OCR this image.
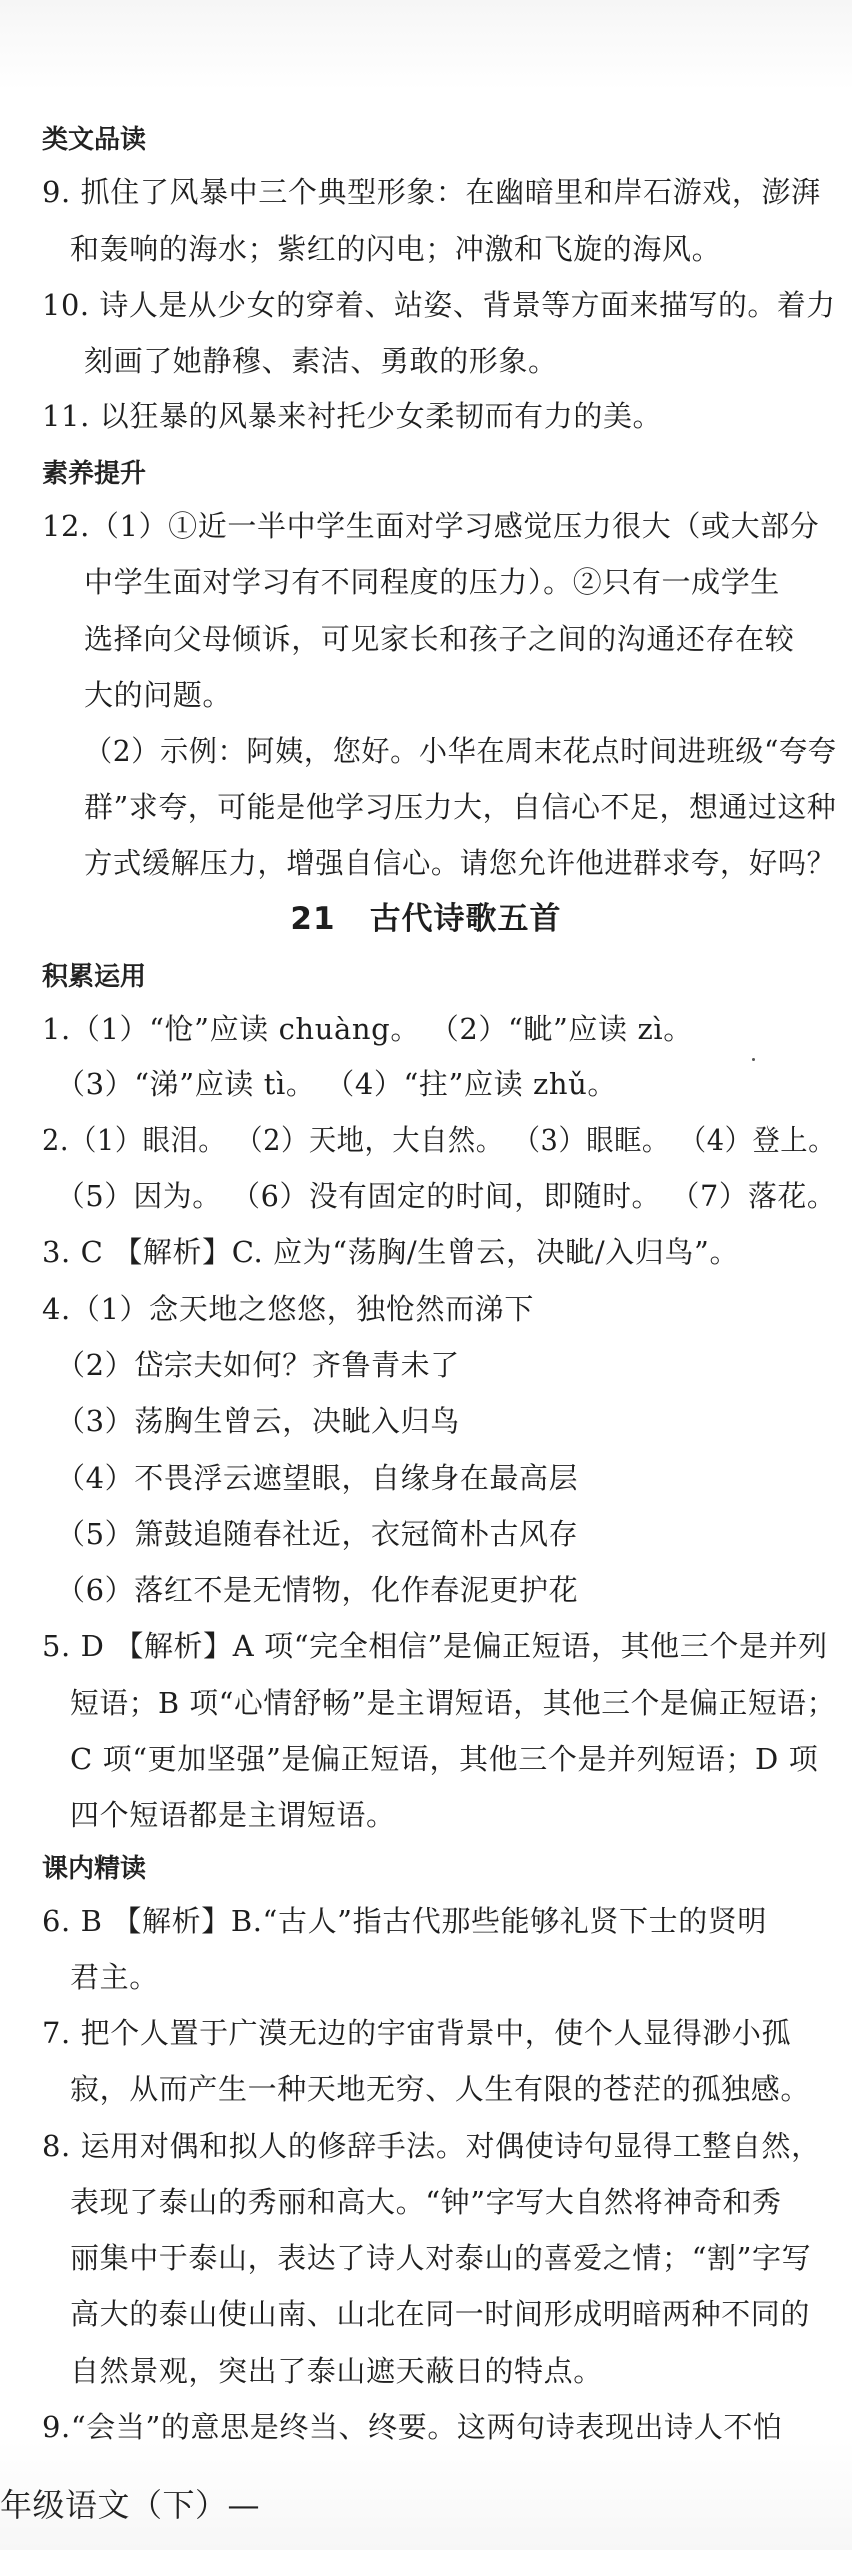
类文品读
9. 抓住了风暴中三个典型形象：在幽暗里和岸石游戏，澎湃
和轰响的海水；紫红的闪电；冲激和飞旋的海风。
10. 诗人是从少女的穿着、站姿、背景等方面来描写的。着力
刻画了她静穆、素洁、勇敢的形象。
11. 以狂暴的风暴来衬托少女柔韧而有力的美。
素养提升
12.（1）①近一半中学生面对学习感觉压力很大（或大部分
中学生面对学习有不同程度的压力）。②只有一成学生
选择向父母倾诉，可见家长和孩子之间的沟通还存在较
大的问题。
（2）示例：阿姨，您好。小华在周末花点时间进班级“夸夸
群”求夸，可能是他学习压力大，自信心不足，想通过这种
方式缓解压力，增强自信心。请您允许他进群求夸，好吗？
21 古代诗歌五首
积累运用
1.（1）“怆”应读 chuàng。 （2）“眦”应读 zì。
（3）“涕”应读 tì。 （4）“拄”应读 zhǔ。
2.（1）眼泪。 （2）天地，大自然。 （3）眼眶。 （4）登上。
（5）因为。 （6）没有固定的时间，即随时。 （7）落花。
3. C 【解析】C. 应为“荡胸/生曾云，决眦/入归鸟”。
4.（1）念天地之悠悠，独怆然而涕下
（2）岱宗夫如何？齐鲁青未了
（3）荡胸生曾云，决眦入归鸟
（4）不畏浮云遮望眼，自缘身在最高层
（5）箫鼓追随春社近，衣冠简朴古风存
（6）落红不是无情物，化作春泥更护花
5. D 【解析】A 项“完全相信”是偏正短语，其他三个是并列
短语；B 项“心情舒畅”是主谓短语，其他三个是偏正短语；
C 项“更加坚强”是偏正短语，其他三个是并列短语；D 项
四个短语都是主谓短语。
课内精读
6. B 【解析】B.“古人”指古代那些能够礼贤下士的贤明
君主。
7. 把个人置于广漠无边的宇宙背景中，使个人显得渺小孤
寂，从而产生一种天地无穷、人生有限的苍茫的孤独感。
8. 运用对偶和拟人的修辞手法。对偶使诗句显得工整自然，
表现了泰山的秀丽和高大。“钟”字写大自然将神奇和秀
丽集中于泰山，表达了诗人对泰山的喜爱之情；“割”字写
高大的泰山使山南、山北在同一时间形成明暗两种不同的
自然景观，突出了泰山遮天蔽日的特点。
9.“会当”的意思是终当、终要。这两句诗表现出诗人不怕
年级语文（下）—
